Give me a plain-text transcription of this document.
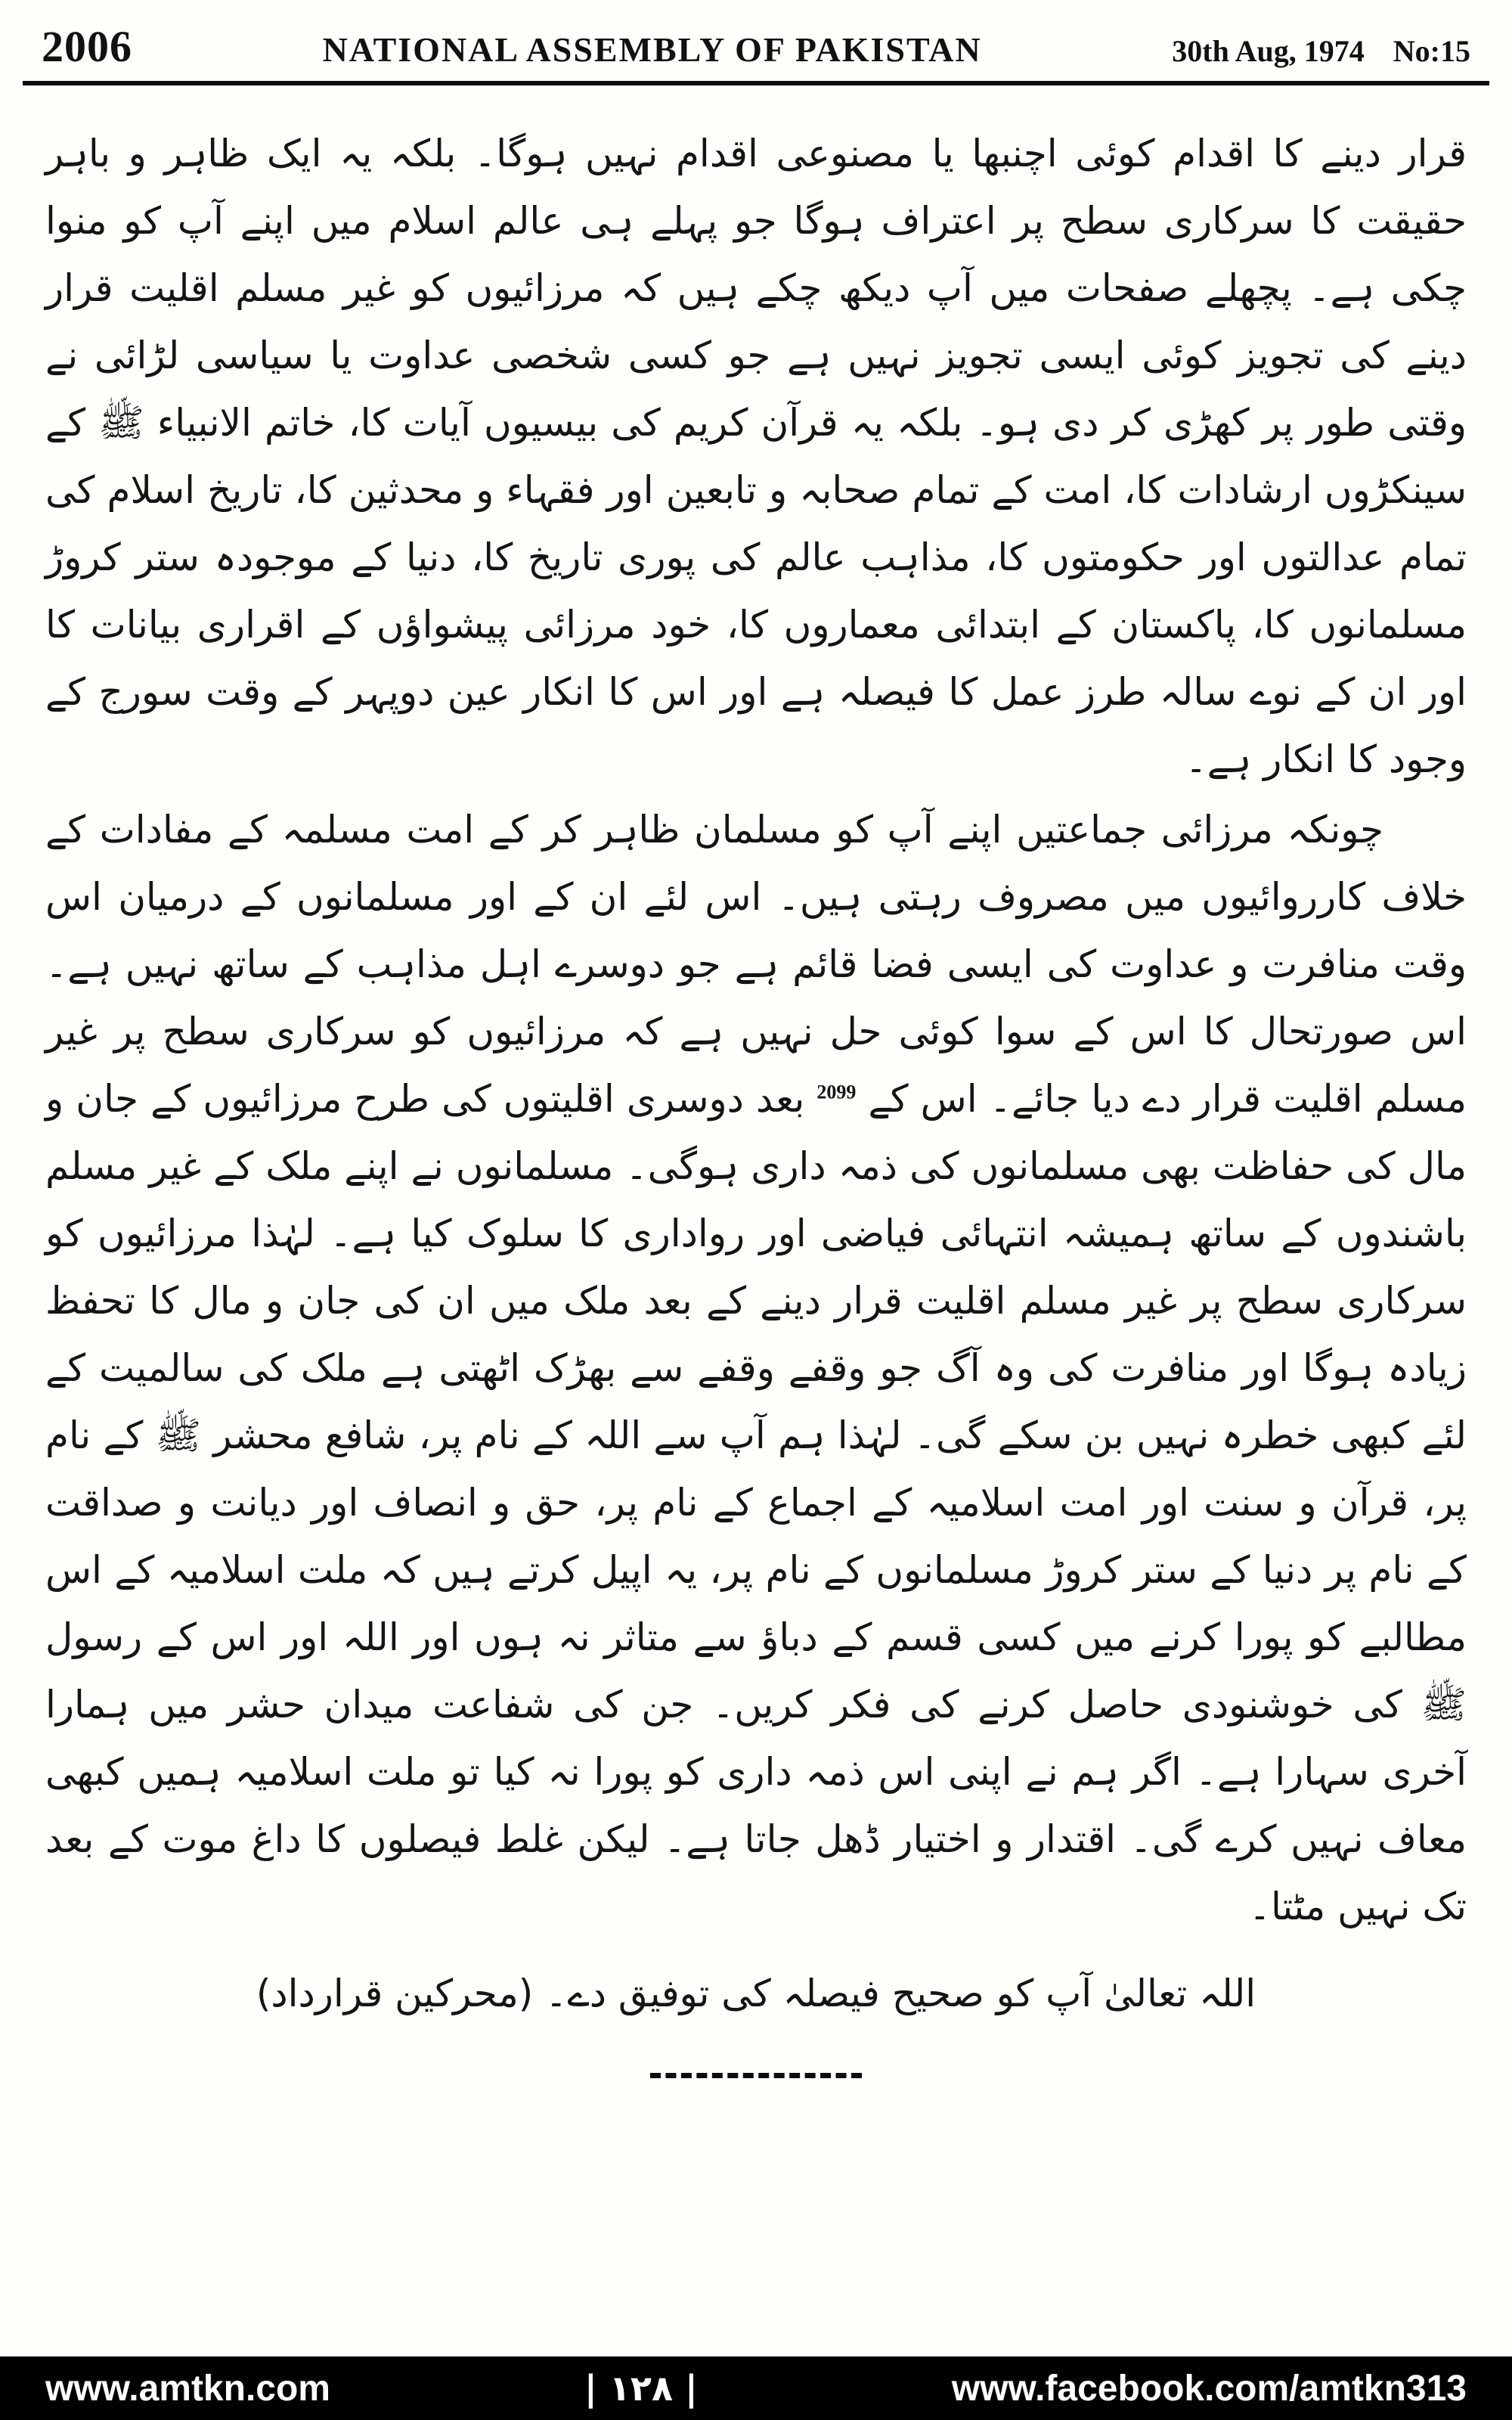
2006	NATIONAL ASSEMBLY OF PAKISTAN	30th Aug, 1974 No:15

قرار دینے کا اقدام کوئی اچنبھا یا مصنوعی اقدام نہیں ہوگا۔ بلکہ یہ ایک ظاہر و باہر حقیقت کا سرکاری سطح پر اعتراف ہوگا جو پہلے ہی عالم اسلام میں اپنے آپ کو منوا چکی ہے۔ پچھلے صفحات میں آپ دیکھ چکے ہیں کہ مرزائیوں کو غیر مسلم اقلیت قرار دینے کی تجویز کوئی ایسی تجویز نہیں ہے جو کسی شخصی عداوت یا سیاسی لڑائی نے وقتی طور پر کھڑی کر دی ہو۔ بلکہ یہ قرآن کریم کی بیسیوں آیات کا، خاتم الانبیاء ﷺ کے سینکڑوں ارشادات کا، امت کے تمام صحابہ و تابعین اور فقہاء و محدثین کا، تاریخ اسلام کی تمام عدالتوں اور حکومتوں کا، مذاہب عالم کی پوری تاریخ کا، دنیا کے موجودہ ستر کروڑ مسلمانوں کا، پاکستان کے ابتدائی معماروں کا، خود مرزائی پیشواؤں کے اقراری بیانات کا اور ان کے نوے سالہ طرز عمل کا فیصلہ ہے اور اس کا انکار عین دوپہر کے وقت سورج کے وجود کا انکار ہے۔

چونکہ مرزائی جماعتیں اپنے آپ کو مسلمان ظاہر کر کے امت مسلمہ کے مفادات کے خلاف کارروائیوں میں مصروف رہتی ہیں۔ اس لئے ان کے اور مسلمانوں کے درمیان اس وقت منافرت و عداوت کی ایسی فضا قائم ہے جو دوسرے اہل مذاہب کے ساتھ نہیں ہے۔ اس صورتحال کا اس کے سوا کوئی حل نہیں ہے کہ مرزائیوں کو سرکاری سطح پر غیر مسلم اقلیت قرار دے دیا جائے۔ اس کے $^{2099}$ بعد دوسری اقلیتوں کی طرح مرزائیوں کے جان و مال کی حفاظت بھی مسلمانوں کی ذمہ داری ہوگی۔ مسلمانوں نے اپنے ملک کے غیر مسلم باشندوں کے ساتھ ہمیشہ انتہائی فیاضی اور رواداری کا سلوک کیا ہے۔ لہٰذا مرزائیوں کو سرکاری سطح پر غیر مسلم اقلیت قرار دینے کے بعد ملک میں ان کی جان و مال کا تحفظ زیادہ ہوگا اور منافرت کی وہ آگ جو وقفے وقفے سے بھڑک اٹھتی ہے ملک کی سالمیت کے لئے کبھی خطرہ نہیں بن سکے گی۔ لہٰذا ہم آپ سے اللہ کے نام پر، شافع محشر ﷺ کے نام پر، قرآن و سنت اور امت اسلامیہ کے اجماع کے نام پر، حق و انصاف اور دیانت و صداقت کے نام پر دنیا کے ستر کروڑ مسلمانوں کے نام پر، یہ اپیل کرتے ہیں کہ ملت اسلامیہ کے اس مطالبے کو پورا کرنے میں کسی قسم کے دباؤ سے متاثر نہ ہوں اور اللہ اور اس کے رسول ﷺ کی خوشنودی حاصل کرنے کی فکر کریں۔ جن کی شفاعت میدان حشر میں ہمارا آخری سہارا ہے۔ اگر ہم نے اپنی اس ذمہ داری کو پورا نہ کیا تو ملت اسلامیہ ہمیں کبھی معاف نہیں کرے گی۔ اقتدار و اختیار ڈھل جاتا ہے۔ لیکن غلط فیصلوں کا داغ موت کے بعد تک نہیں مٹتا۔

اللہ تعالیٰ آپ کو صحیح فیصلہ کی توفیق دے۔ (محرکین قرارداد)

www.amtkn.com	| ۱۲۸ |	www.facebook.com/amtkn313
